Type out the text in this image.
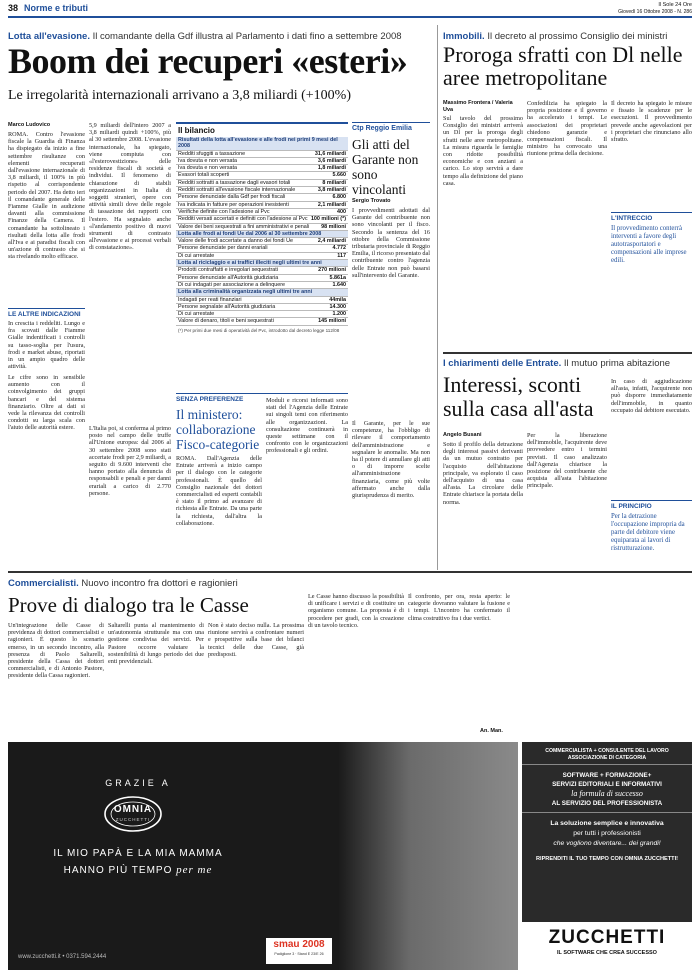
38 Norme e tributi	Il Sole 24 Ore
Giovedì 16 Ottobre 2008 - N. 286
Lotta all'evasione. Il comandante della Gdf illustra al Parlamento i dati fino a settembre 2008
Boom dei recuperi «esteri»
Le irregolarità internazionali arrivano a 3,8 miliardi (+100%)
Marco Ludovico
ROMA. Contro l'evasione fiscale la Guardia di Finanza ha dispiegato da inizio a fine settembre risultanze con elementi recuperati dall'evasione internazionale di 3,8 miliardi, il 100% in più rispetto al corrispondente periodo del 2007. Ha detto ieri il comandante generale delle Fiamme Gialle in audizione davanti alla commissione Finanze della Camera. Il comandante ha sottolineato i risultati della lotta alle frodi all'Iva e ai paradisi fiscali con un'azione di contrasto che si sta rivelando molto efficace.
LE ALTRE INDICAZIONI
In crescita i reddeliti. Lungo e fra scovati dalle Fiamme Gialle indentificati i controlli su tasso-soglia per l'usura, frodi e market abuse, riportati in un ampio quadro delle attività.
Le cifre sono in sensibile aumento con il coinvolgimento dei gruppi bancari e del sistema finanziario. Oltre ai dati si vede la rilevanza dei controlli condotti su larga scala con l'aiuto delle autorità estere.
5,9 miliardi dell'intero 2007 a 3,8 miliardi quindi +100%, più al 30 settembre 2008. L'evasione internazionale, ha spiegato, viene compiuta con «l'esterovestizione» delle residenze fiscali di società e individui. Il fenomeno di chiarazione di stabili organizzazioni in Italia di soggetti stranieri, opere con attività simili dove delle regole di tassazione dei rapporti con l'estero. Ha segnalato anche «l'andamento positivo di nuovi strumenti di contrasto all'evasione e ai processi verbali di constatazione».
L'Italia poi, si conferma al primo posto nel campo delle truffe all'Unione europea: dal 2006 al 30 settembre 2008 sono stati accertate frodi per 2,9 miliardi, a seguito di 9.600 interventi che hanno portato alla denuncia di responsabili e penali e per danni erariali a carico di 2.770 persone.
Il bilancio
Risultati della lotta all'evasione e alle frodi nei primi 9 mesi del 2008
Redditi sfuggiti a tassazione	31,6 miliardi
Iva dovuta e non versata	3,6 miliardi
Iva dovuta e non versata	1,8 miliardi
Evasori totali scoperti	5.660
Redditi sottratti a tassazione dagli evasori totali	8 miliardi
Redditi sottratti all'evasione fiscale internazionale	3,8 miliardi
Persone denunciate dalla Gdf per frodi fiscali	6.800
Iva indicata in fatture per operazioni inesistenti	2,1 miliardi
Verifiche definite con l'adesione al Pvc	400
Redditi versati accertati e definiti con l'adesione al Pvc 100 milioni (*)
Valore dei beni sequestrati a fini amministrativi e penali 98 milioni
Lotta alle frodi ai fondi Ue dal 2006 al 30 settembre 2008
Valore delle frodi accertate a danno dei fondi Ue	2,4 miliardi
Persone denunciate per danni erariali	4.772
Di cui arrestate	117
Lotta al riciclaggio e ai traffici illeciti negli ultimi tre anni
Prodotti contraffatti e irregolari sequestrati	270 milioni
Persone denunciate all'Autorità giudiziaria	5.861a
Di cui indagati per associazione a delinquere	1.640
Lotta alla criminalità organizzata negli ultimi tre anni
Indagati per reati finanziari	44mila
Persone segnalate all'Autorità giudiziaria	14.300
Di cui arrestate	1.200
Valore di denaro, titoli e beni sequestrati	145 milioni
(*) Per primi due mesi di operatività del Pvc, introdotto dal decreto legge 112/08
SENZA PREFERENZE
Il ministero: collaborazione Fisco-categorie
ROMA. Dall'Agenzia delle Entrate arriverà a inizio campo per il dialogo con le categorie professionali. È quello del Consiglio nazionale dei dottori commercialisti ed esperti contabili è stato il primo ad avanzare di richiesta alle Entrate. Da una parte la richiesta, dall'altra la collaborazione.
Moduli e ricorsi informati sono stati del l'Agenzia delle Entrate sui singoli temi con riferimento alle organizzazioni. La consultazione continuerà in queste settimane con il confronto con le organizzazioni professionali e gli ordini.
Ctp Reggio Emilia
Gli atti del Garante non sono vincolanti
Sergio Trovato
I provvedimenti adottati dal Garante del contribuente non sono vincolanti per il fisco. Secondo la sentenza del 16 ottobre della Commissione tributaria provinciale di Reggio Emilia, il ricorso presentato dal contribuente contro l'agenzia delle Entrate non può basarsi sull'intervento del Garante.
Il Garante, per le sue competenze, ha l'obbligo di rilevare il comportamento dell'amministrazione e segnalare le anomalie. Ma non ha il potere di annullare gli atti o di imporre scelte all'amministrazione finanziaria, come più volte affermato anche dalla giurisprudenza di merito.
Immobili. Il decreto al prossimo Consiglio dei ministri
Proroga sfratti con Dl nelle aree metropolitane
Massimo Frontera / Valeria Uva
Sul tavolo del prossimo Consiglio dei ministri arriverà un Dl per la proroga degli sfratti nelle aree metropolitane. La misura riguarda le famiglie con ridotte possibilità economiche e con anziani a carico. Lo stop servirà a dare tempo alla definizione del piano casa.
Confedilizia ha spiegato la propria posizione e il governo ha accelerato i tempi. Le associazioni dei proprietari chiedono garanzie e compensazioni fiscali. Il ministro ha convocato una riunione prima della decisione.
Il decreto ha spiegato le misure e fissato le scadenze per le esecuzioni. Il provvedimento prevede anche agevolazioni per i proprietari che rinunciano allo sfratto.
L'INTRECCIO
Il provvedimento conterrà interventi a favore degli autotrasportatori e compensazioni alle imprese edili.
I chiarimenti delle Entrate. Il mutuo prima abitazione
Interessi, sconti sulla casa all'asta
Angelo Busani
Sotto il profilo della detrazione degli interessi passivi derivanti da un mutuo contratto per l'acquisto dell'abitazione principale, va esplorato il caso dell'acquisto di una casa all'asta. La circolare delle Entrate chiarisce la portata della norma.
Per la liberazione dell'immobile, l'acquirente deve provvedere entro i termini previsti. Il caso analizzato dall'Agenzia chiarisce la posizione del contribuente che acquista all'asta l'abitazione principale.
In caso di aggiudicazione all'asta, infatti, l'acquirente non può disporre immediatamente dell'immobile, in quanto occupato dal debitore esecutato.
IL PRINCIPIO
Per la detrazione l'occupazione impropria da parte del debitore viene equiparata ai lavori di ristrutturazione.
Commercialisti. Nuovo incontro fra dottori e ragionieri
Prove di dialogo tra le Casse
Un'integrazione delle Casse di previdenza di dottori commercialisti e ragionieri. È questo lo scenario emerso, in un secondo incontro, alla presenza di Paolo Saltarelli, presidente della Cassa dei dottori commercialisti, e di Antonio Pastore, presidente della Cassa ragionieri.
Saltarelli punta al mantenimento di un'autonomia strutturale ma con una gestione condivisa dei servizi. Per Pastore occorre valutare la sostenibilità di lungo periodo dei due enti previdenziali.
Non è stato deciso nulla. La prossima riunione servirà a confrontare numeri e prospettive sulla base dei bilanci tecnici delle due Casse, già predisposti.
Le Casse hanno discusso la possibilità di unificare i servizi e di costituire un organismo comune. La proposta è di procedere per gradi, con la creazione di un tavolo tecnico.
Il confronto, per ora, resta aperto: le categorie dovranno valutare la fusione e i tempi. L'incontro ha confermato il clima costruttivo fra i due vertici.
An. Man.
GRAZIE A
OMNIA
ZUCCHETTI
IL MIO PAPÀ E LA MIA MAMMA
HANNO PIÙ TEMPO per me
www.zucchetti.it • 0371.594.2444
smau 2008
Padiglione 3 · Stand E 23/E 26
COMMERCIALISTA + CONSULENTE DEL LAVORO
ASSOCIAZIONE DI CATEGORIA
SOFTWARE + FORMAZIONE+
SERVIZI EDITORIALI E INFORMATIVI
la formula di successo
AL SERVIZIO DEL PROFESSIONISTA
La soluzione semplice e innovativa
per tutti i professionisti
che vogliono diventare... dei grandi!
RIPRENDITI IL TUO TEMPO CON OMNIA ZUCCHETTI!
ZUCCHETTI
IL SOFTWARE CHE CREA SUCCESSO
